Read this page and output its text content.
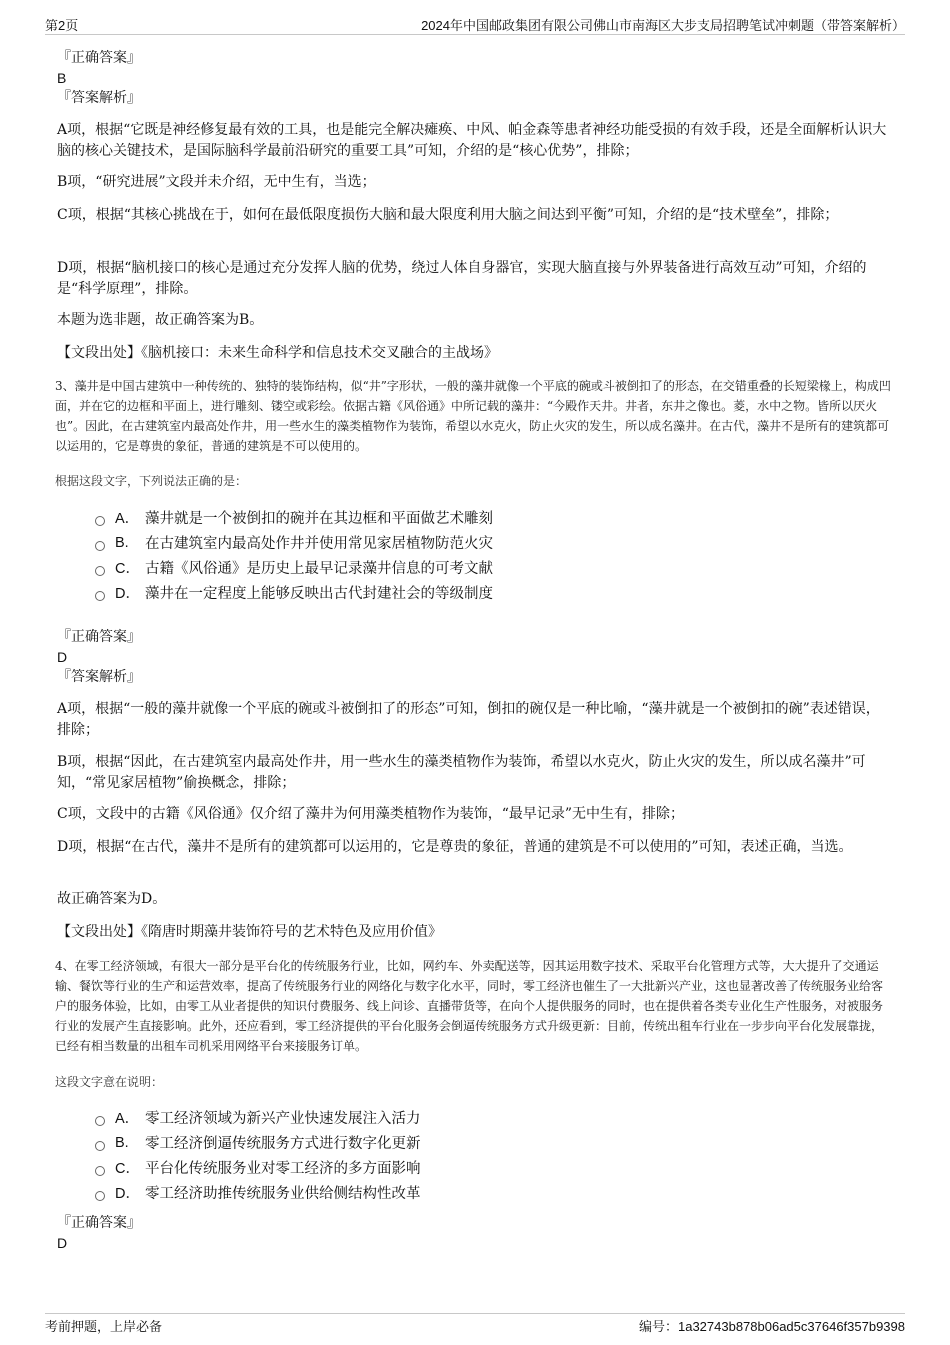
第2页	2024年中国邮政集团有限公司佛山市南海区大步支局招聘笔试冲刺题（带答案解析）
『正确答案』
B
『答案解析』
A项，根据“它既是神经修复最有效的工具，也是能完全解决瘫痪、中风、帕金森等患者神经功能受损的有效手段，还是全面解析认识大脑的核心关键技术，是国际脑科学最前沿研究的重要工具”可知，介绍的是“核心优势”，排除；
B项，“研究进展”文段并未介绍，无中生有，当选；
C项，根据“其核心挑战在于，如何在最低限度损伤大脑和最大限度利用大脑之间达到平衡”可知，介绍的是“技术壁垒”，排除；
D项，根据“脑机接口的核心是通过充分发挥人脑的优势，绕过人体自身器官，实现大脑直接与外界装备进行高效互动”可知，介绍的是“科学原理”，排除。
本题为选非题，故正确答案为B。
【文段出处】《脑机接口：未来生命科学和信息技术交叉融合的主战场》
3、藻井是中国古建筑中一种传统的、独特的装饰结构，似“井”字形状，一般的藻井就像一个平底的碗或斗被倒扣了的形态，在交错重叠的长短梁椽上，构成凹面，并在它的边框和平面上，进行雕刻、镂空或彩绘。依据古籍《风俗通》中所记载的藻井：“今殿作天井。井者，东井之像也。菱，水中之物。皆所以厌火也”。因此，在古建筑室内最高处作井，用一些水生的藻类植物作为装饰，希望以水克火，防止火灾的发生，所以成名藻井。在古代，藻井不是所有的建筑都可以运用的，它是尊贵的象征，普通的建筑是不可以使用的。
根据这段文字，下列说法正确的是：
A． 藻井就是一个被倒扣的碗并在其边框和平面做艺术雕刻
B.	在古建筑室内最高处作井并使用常见家居植物防范火灾
C． 古籍《风俗通》是历史上最早记录藻井信息的可考文献
D． 藻井在一定程度上能够反映出古代封建社会的等级制度
『正确答案』
D
『答案解析』
A项，根据“一般的藻井就像一个平底的碗或斗被倒扣了的形态”可知，倒扣的碗仅是一种比喻，“藻井就是一个被倒扣的碗”表述错误，排除；
B项，根据“因此，在古建筑室内最高处作井，用一些水生的藻类植物作为装饰，希望以水克火，防止火灾的发生，所以成名藻井”可知，“常见家居植物”偷换概念，排除；
C项，文段中的古籍《风俗通》仅介绍了藻井为何用藻类植物作为装饰，“最早记录”无中生有，排除；
D项，根据“在古代，藻井不是所有的建筑都可以运用的，它是尊贵的象征，普通的建筑是不可以使用的”可知，表述正确，当选。
故正确答案为D。
【文段出处】《隋唐时期藻井装饰符号的艺术特色及应用价值》
4、在零工经济领域，有很大一部分是平台化的传统服务行业，比如，网约车、外卖配送等，因其运用数字技术、采取平台化管理方式等，大大提升了交通运输、餐饮等行业的生产和运营效率，提高了传统服务行业的网络化与数字化水平，同时，零工经济也催生了一大批新兴产业，这也显著改善了传统服务业给客户的服务体验，比如，由零工从业者提供的知识付费服务、线上问诊、直播带货等，在向个人提供服务的同时，也在提供着各类专业化生产性服务，对被服务行业的发展产生直接影响。此外，还应看到，零工经济提供的平台化服务会倒逼传统服务方式升级更新：目前，传统出租车行业在一步步向平台化发展靠拢，已经有相当数量的出租车司机采用网络平台来接服务订单。
这段文字意在说明：
A． 零工经济领域为新兴产业快速发展注入活力
B.	零工经济倒逼传统服务方式进行数字化更新
C． 平台化传统服务业对零工经济的多方面影响
D． 零工经济助推传统服务业供给侧结构性改革
『正确答案』
D
考前押题，上岸必备	编号：1a32743b878b06ad5c37646f357b9398
